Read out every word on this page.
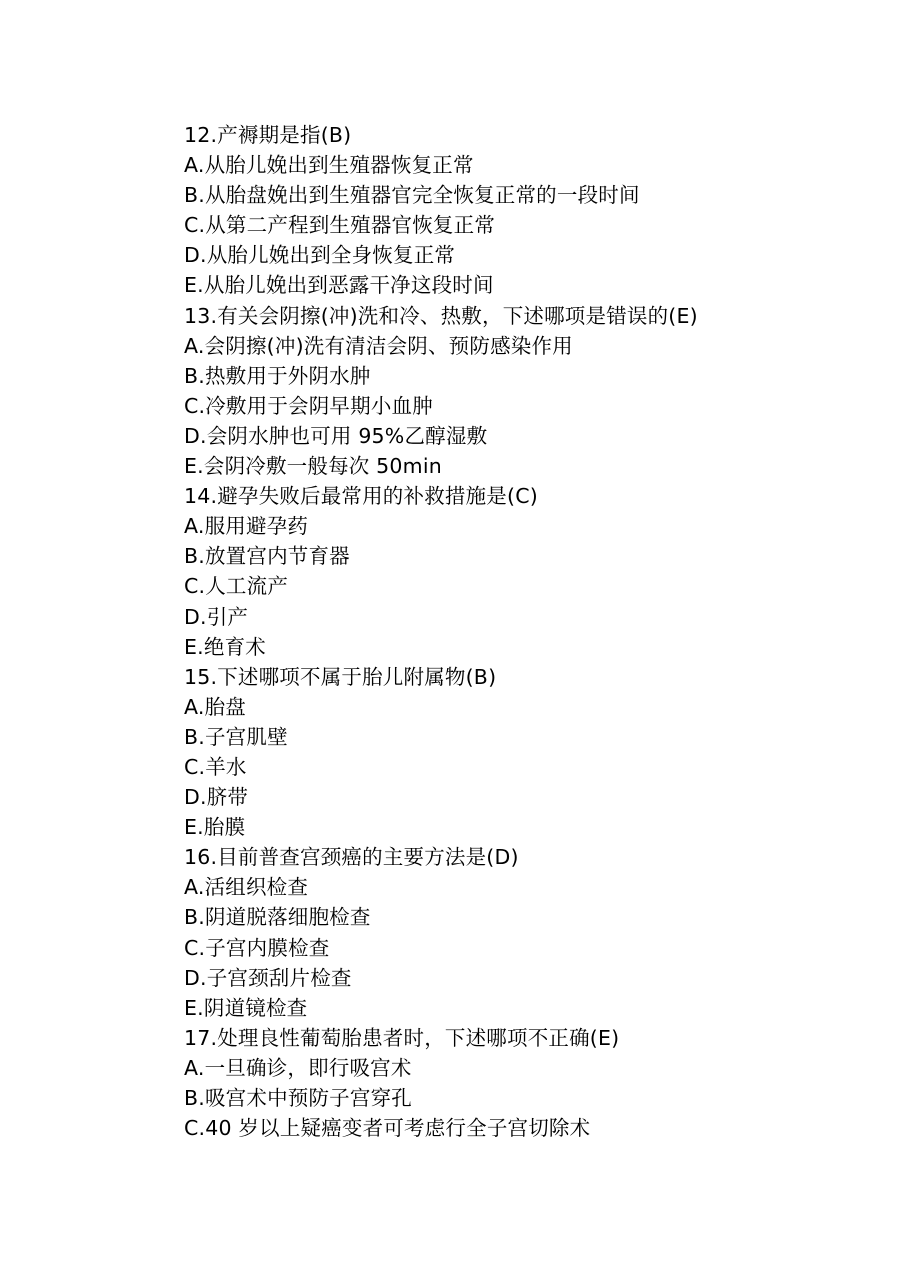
12.产褥期是指(B)
A.从胎儿娩出到生殖器恢复正常
B.从胎盘娩出到生殖器官完全恢复正常的一段时间
C.从第二产程到生殖器官恢复正常
D.从胎儿娩出到全身恢复正常
E.从胎儿娩出到恶露干净这段时间
13.有关会阴擦(冲)洗和冷、热敷，下述哪项是错误的(E)
A.会阴擦(冲)洗有清洁会阴、预防感染作用
B.热敷用于外阴水肿
C.冷敷用于会阴早期小血肿
D.会阴水肿也可用 95%乙醇湿敷
E.会阴冷敷一般每次 50min
14.避孕失败后最常用的补救措施是(C)
A.服用避孕药
B.放置宫内节育器
C.人工流产
D.引产
E.绝育术
15.下述哪项不属于胎儿附属物(B)
A.胎盘
B.子宫肌壁
C.羊水
D.脐带
E.胎膜
16.目前普查宫颈癌的主要方法是(D)
A.活组织检查
B.阴道脱落细胞检查
C.子宫内膜检查
D.子宫颈刮片检查
E.阴道镜检查
17.处理良性葡萄胎患者时，下述哪项不正确(E)
A.一旦确诊，即行吸宫术
B.吸宫术中预防子宫穿孔
C.40 岁以上疑癌变者可考虑行全子宫切除术
